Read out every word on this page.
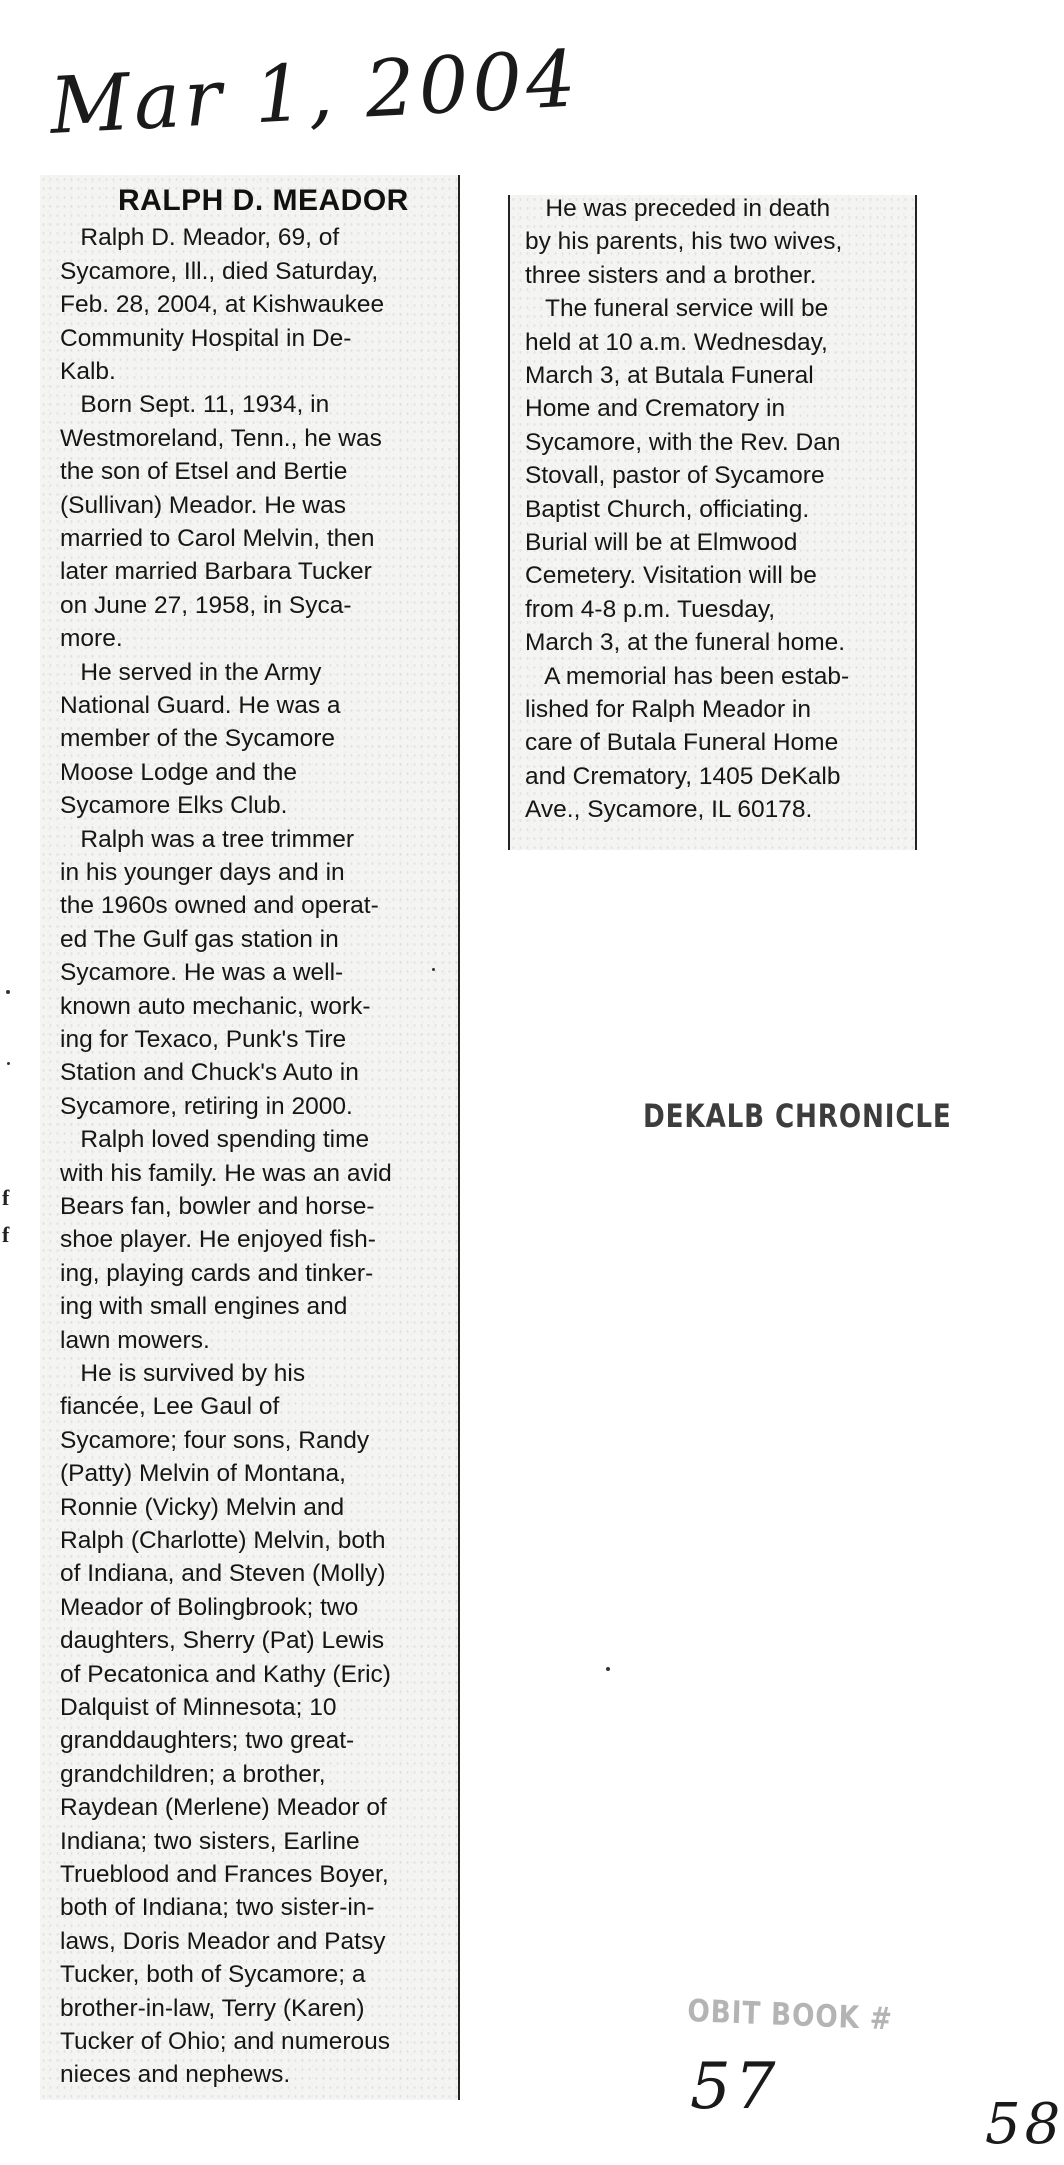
Mar 1, 2004
RALPH D. MEADOR
Ralph D. Meador, 69, of
Sycamore, Ill., died Saturday,
Feb. 28, 2004, at Kishwaukee
Community Hospital in De-
Kalb.
Born Sept. 11, 1934, in
Westmoreland, Tenn., he was
the son of Etsel and Bertie
(Sullivan) Meador. He was
married to Carol Melvin, then
later married Barbara Tucker
on June 27, 1958, in Syca-
more.
He served in the Army
National Guard. He was a
member of the Sycamore
Moose Lodge and the
Sycamore Elks Club.
Ralph was a tree trimmer
in his younger days and in
the 1960s owned and operat-
ed The Gulf gas station in
Sycamore. He was a well-
known auto mechanic, work-
ing for Texaco, Punk's Tire
Station and Chuck's Auto in
Sycamore, retiring in 2000.
Ralph loved spending time
with his family. He was an avid
Bears fan, bowler and horse-
shoe player. He enjoyed fish-
ing, playing cards and tinker-
ing with small engines and
lawn mowers.
He is survived by his
fiancée, Lee Gaul of
Sycamore; four sons, Randy
(Patty) Melvin of Montana,
Ronnie (Vicky) Melvin and
Ralph (Charlotte) Melvin, both
of Indiana, and Steven (Molly)
Meador of Bolingbrook; two
daughters, Sherry (Pat) Lewis
of Pecatonica and Kathy (Eric)
Dalquist of Minnesota; 10
granddaughters; two great-
grandchildren; a brother,
Raydean (Merlene) Meador of
Indiana; two sisters, Earline
Trueblood and Frances Boyer,
both of Indiana; two sister-in-
laws, Doris Meador and Patsy
Tucker, both of Sycamore; a
brother-in-law, Terry (Karen)
Tucker of Ohio; and numerous
nieces and nephews.
He was preceded in death
by his parents, his two wives,
three sisters and a brother.
The funeral service will be
held at 10 a.m. Wednesday,
March 3, at Butala Funeral
Home and Crematory in
Sycamore, with the Rev. Dan
Stovall, pastor of Sycamore
Baptist Church, officiating.
Burial will be at Elmwood
Cemetery. Visitation will be
from 4-8 p.m. Tuesday,
March 3, at the funeral home.
A memorial has been estab-
lished for Ralph Meador in
care of Butala Funeral Home
and Crematory, 1405 DeKalb
Ave., Sycamore, IL 60178.
DEKALB CHRONICLE
OBIT BOOK #
57
58
f
f
